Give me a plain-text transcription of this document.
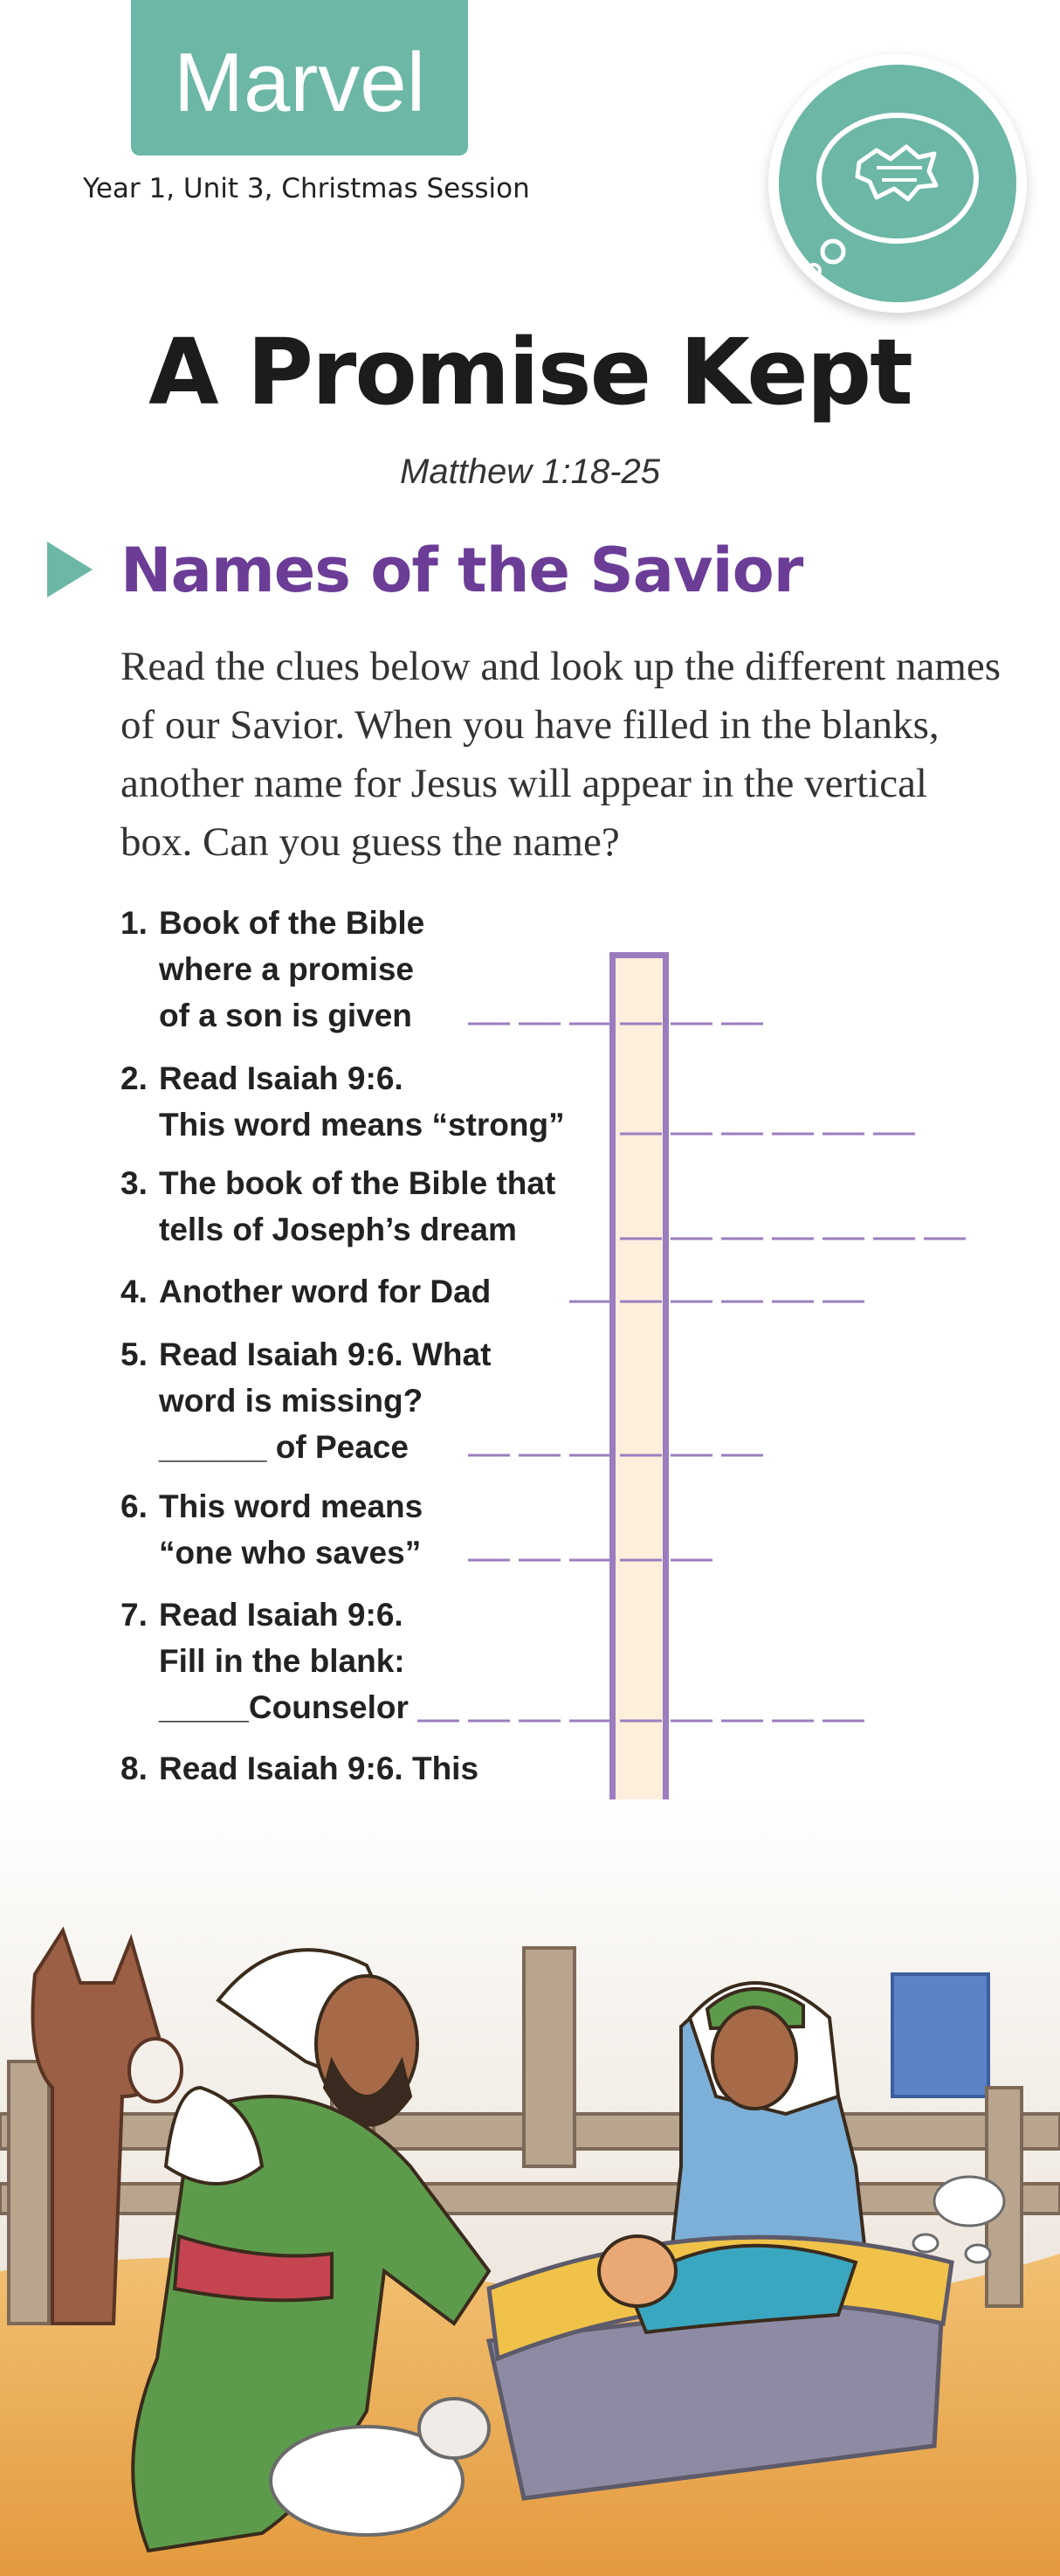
Marvel
Year 1, Unit 3, Christmas Session
A Promise Kept
Matthew 1:18-25
Names of the Savior
Read the clues below and look up the different names of our Savior. When you have filled in the blanks, another name for Jesus will appear in the vertical box. Can you guess the name?
1. Book of the Bible
where a promise
of a son is given
2. Read Isaiah 9:6.
This word means “strong”
3. The book of the Bible that
tells of Joseph’s dream
4. Another word for Dad
5. Read Isaiah 9:6. What
word is missing?
______ of Peace
6. This word means
“one who saves”
7. Read Isaiah 9:6.
Fill in the blank:
_____Counselor
8. Read Isaiah 9:6. This
